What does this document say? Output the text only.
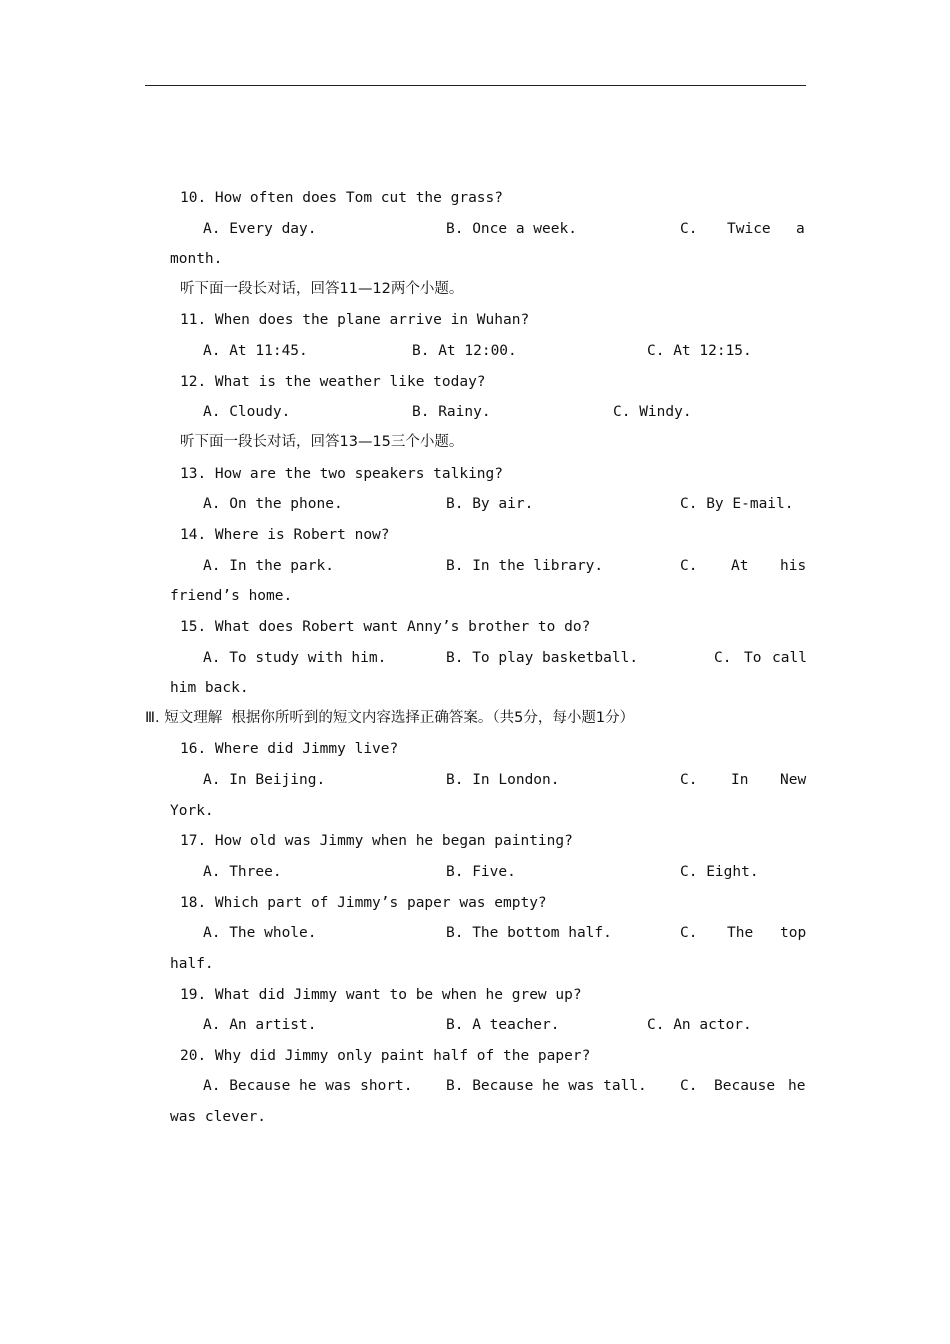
10. How often does Tom cut the grass?
A. Every day.	B. Once a week.	C. Twice a
month.
听下面一段长对话，回答11—12两个小题。
11. When does the plane arrive in Wuhan?
A. At 11:45.	B. At 12:00.	C. At 12:15.
12. What is the weather like today?
A. Cloudy.	B. Rainy.	C. Windy.
听下面一段长对话，回答13—15三个小题。
13. How are the two speakers talking?
A. On the phone.	B. By air.	C. By E-mail.
14. Where is Robert now?
A. In the park.	B. In the library.	C. At his
friend’s home.
15. What does Robert want Anny’s brother to do?
A. To study with him.	B. To play basketball.	C. To call
him back.
Ⅲ. 短文理解  根据你所听到的短文内容选择正确答案。（共5分，每小题1分）
16. Where did Jimmy live?
A. In Beijing.	B. In London.	C. In New
York.
17. How old was Jimmy when he began painting?
A. Three.	B. Five.	C. Eight.
18. Which part of Jimmy’s paper was empty?
A. The whole.	B. The bottom half.	C. The top
half.
19. What did Jimmy want to be when he grew up?
A. An artist.	B. A teacher.	C. An actor.
20. Why did Jimmy only paint half of the paper?
A. Because he was short. B. Because he was tall. C. Because he
was clever.
